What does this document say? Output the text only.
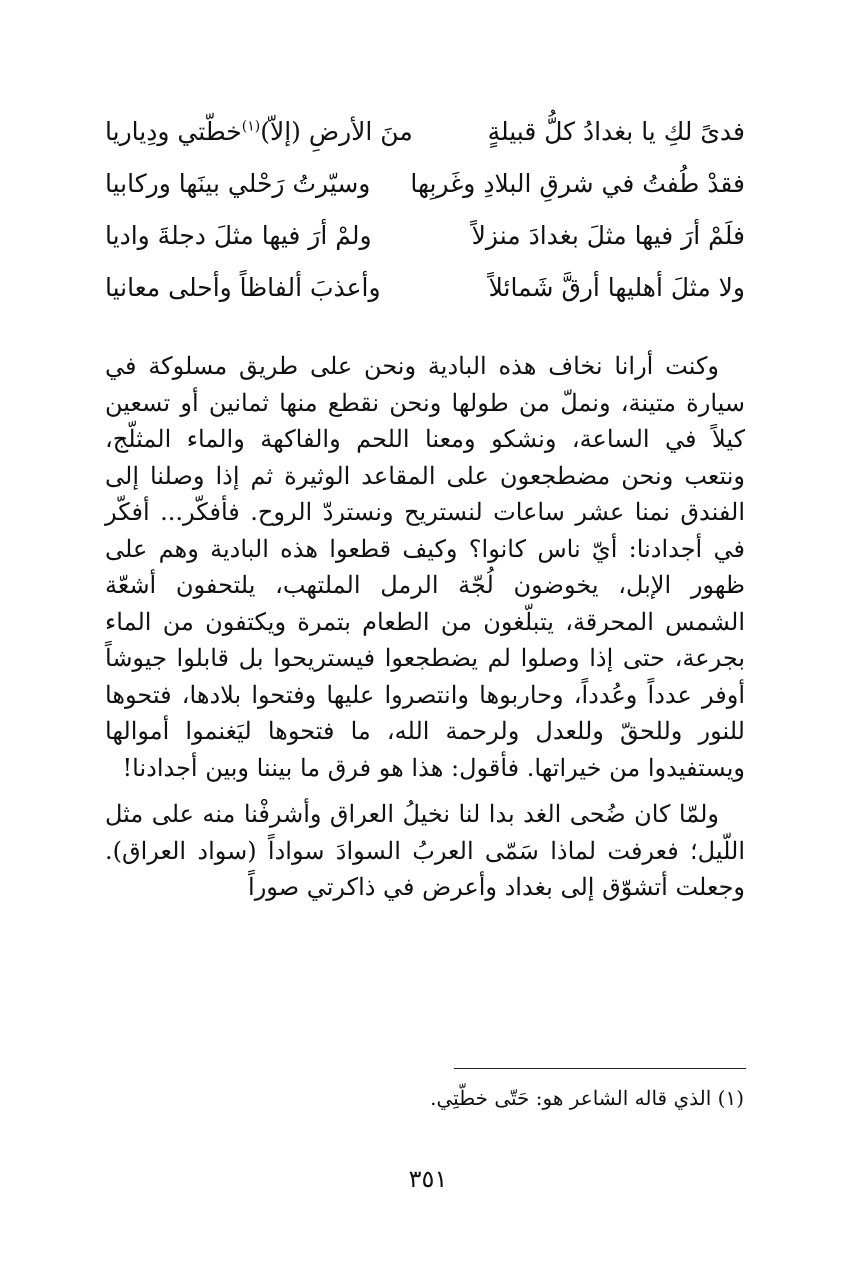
فدىً لكِ يا بغدادُ كلُّ قبيلةٍ
منَ الأرضِ (إلاّ)$^{(١)}$خطّتي ودِياريا
فقدْ طُفتُ في شرقِ البلادِ وغَربِها
وسيّرتُ رَحْلي بينَها وركابيا
فلَمْ أرَ فيها مثلَ بغدادَ منزلاً
ولمْ أرَ فيها مثلَ دجلةَ واديا
ولا مثلَ أهليها أرقَّ شَمائلاً
وأعذبَ ألفاظاً وأحلى معانيا

وكنت أرانا نخاف هذه البادية ونحن على طريق مسلوكة في سيارة متينة، ونملّ من طولها ونحن نقطع منها ثمانين أو تسعين كيلاً في الساعة، ونشكو ومعنا اللحم والفاكهة والماء المثلّج، ونتعب ونحن مضطجعون على المقاعد الوثيرة ثم إذا وصلنا إلى الفندق نمنا عشر ساعات لنستريح ونستردّ الروح. فأفكّر... أفكّر في أجدادنا: أيّ ناس كانوا؟ وكيف قطعوا هذه البادية وهم على ظهور الإبل، يخوضون لُجّة الرمل الملتهب، يلتحفون أشعّة الشمس المحرقة، يتبلّغون من الطعام بتمرة ويكتفون من الماء بجرعة، حتى إذا وصلوا لم يضطجعوا فيستريحوا بل قابلوا جيوشاً أوفر عدداً وعُدداً، وحاربوها وانتصروا عليها وفتحوا بلادها، فتحوها للنور وللحقّ وللعدل ولرحمة الله، ما فتحوها ليَغنموا أموالها ويستفيدوا من خيراتها. فأقول: هذا هو فرق ما بيننا وبين أجدادنا!

ولمّا كان ضُحى الغد بدا لنا نخيلُ العراق وأشرفْنا منه على مثل اللّيل؛ فعرفت لماذا سَمّى العربُ السوادَ سواداً (سواد العراق). وجعلت أتشوّق إلى بغداد وأعرض في ذاكرتي صوراً

(١) الذي قاله الشاعر هو: حَتّى خطّتِي.
٣٥١
